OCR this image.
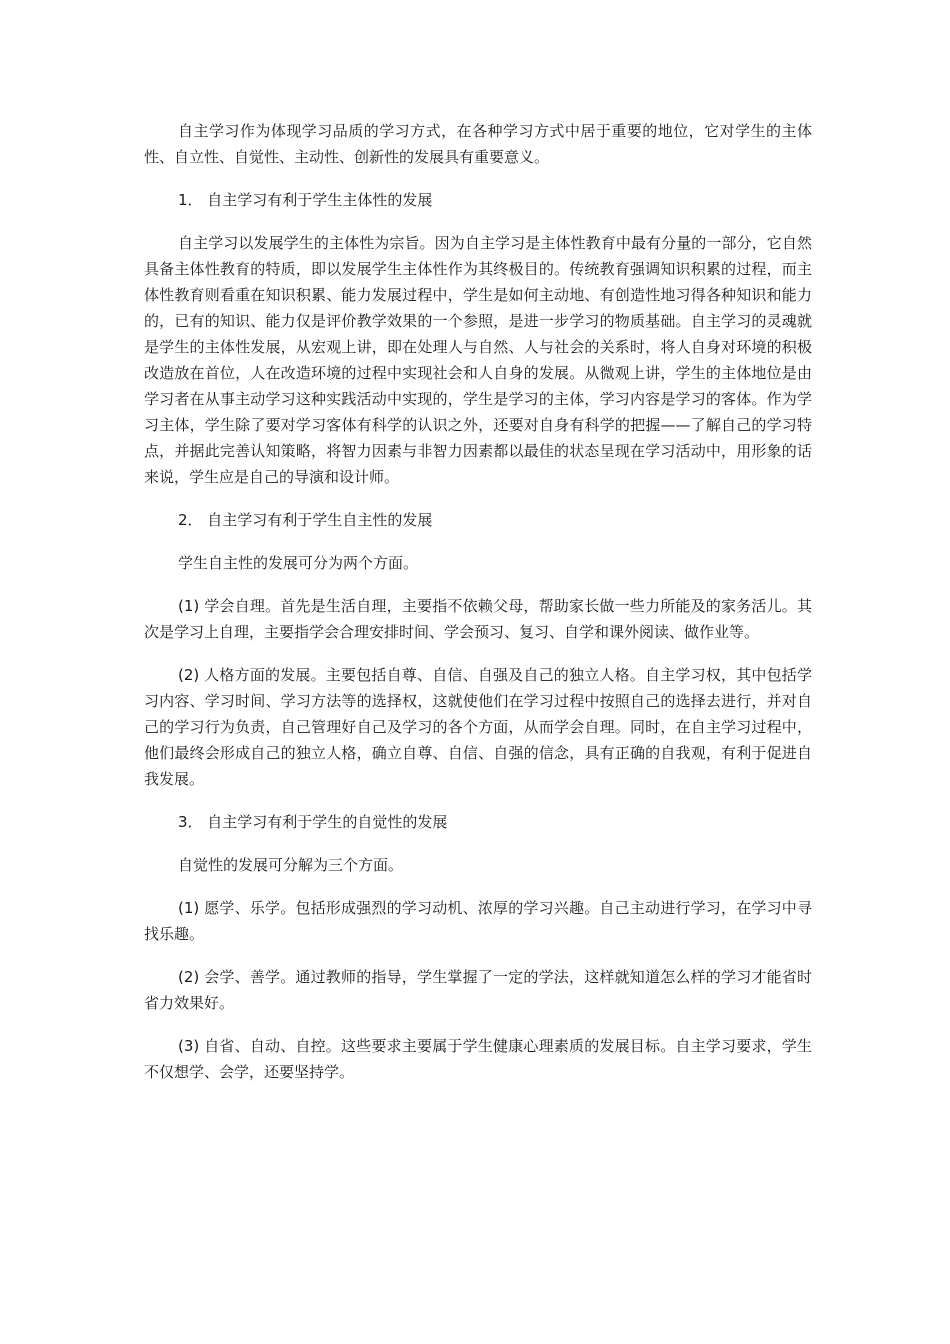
自主学习作为体现学习品质的学习方式，在各种学习方式中居于重要的地位，它对学生的主体性、自立性、自觉性、主动性、创新性的发展具有重要意义。

1． 自主学习有利于学生主体性的发展

自主学习以发展学生的主体性为宗旨。因为自主学习是主体性教育中最有分量的一部分，它自然具备主体性教育的特质，即以发展学生主体性作为其终极目的。传统教育强调知识积累的过程，而主体性教育则看重在知识积累、能力发展过程中，学生是如何主动地、有创造性地习得各种知识和能力的，已有的知识、能力仅是评价教学效果的一个参照，是进一步学习的物质基础。自主学习的灵魂就是学生的主体性发展，从宏观上讲，即在处理人与自然、人与社会的关系时，将人自身对环境的积极改造放在首位，人在改造环境的过程中实现社会和人自身的发展。从微观上讲，学生的主体地位是由学习者在从事主动学习这种实践活动中实现的，学生是学习的主体，学习内容是学习的客体。作为学习主体，学生除了要对学习客体有科学的认识之外，还要对自身有科学的把握——了解自己的学习特点，并据此完善认知策略，将智力因素与非智力因素都以最佳的状态呈现在学习活动中，用形象的话来说，学生应是自己的导演和设计师。

2． 自主学习有利于学生自主性的发展

学生自主性的发展可分为两个方面。

(1) 学会自理。首先是生活自理，主要指不依赖父母，帮助家长做一些力所能及的家务活儿。其次是学习上自理，主要指学会合理安排时间、学会预习、复习、自学和课外阅读、做作业等。

(2) 人格方面的发展。主要包括自尊、自信、自强及自己的独立人格。自主学习权，其中包括学习内容、学习时间、学习方法等的选择权，这就使他们在学习过程中按照自己的选择去进行，并对自己的学习行为负责，自己管理好自己及学习的各个方面，从而学会自理。同时，在自主学习过程中，他们最终会形成自己的独立人格，确立自尊、自信、自强的信念，具有正确的自我观，有利于促进自我发展。

3． 自主学习有利于学生的自觉性的发展

自觉性的发展可分解为三个方面。

(1) 愿学、乐学。包括形成强烈的学习动机、浓厚的学习兴趣。自己主动进行学习，在学习中寻找乐趣。

(2) 会学、善学。通过教师的指导，学生掌握了一定的学法，这样就知道怎么样的学习才能省时省力效果好。

(3) 自省、自动、自控。这些要求主要属于学生健康心理素质的发展目标。自主学习要求，学生不仅想学、会学，还要坚持学。
